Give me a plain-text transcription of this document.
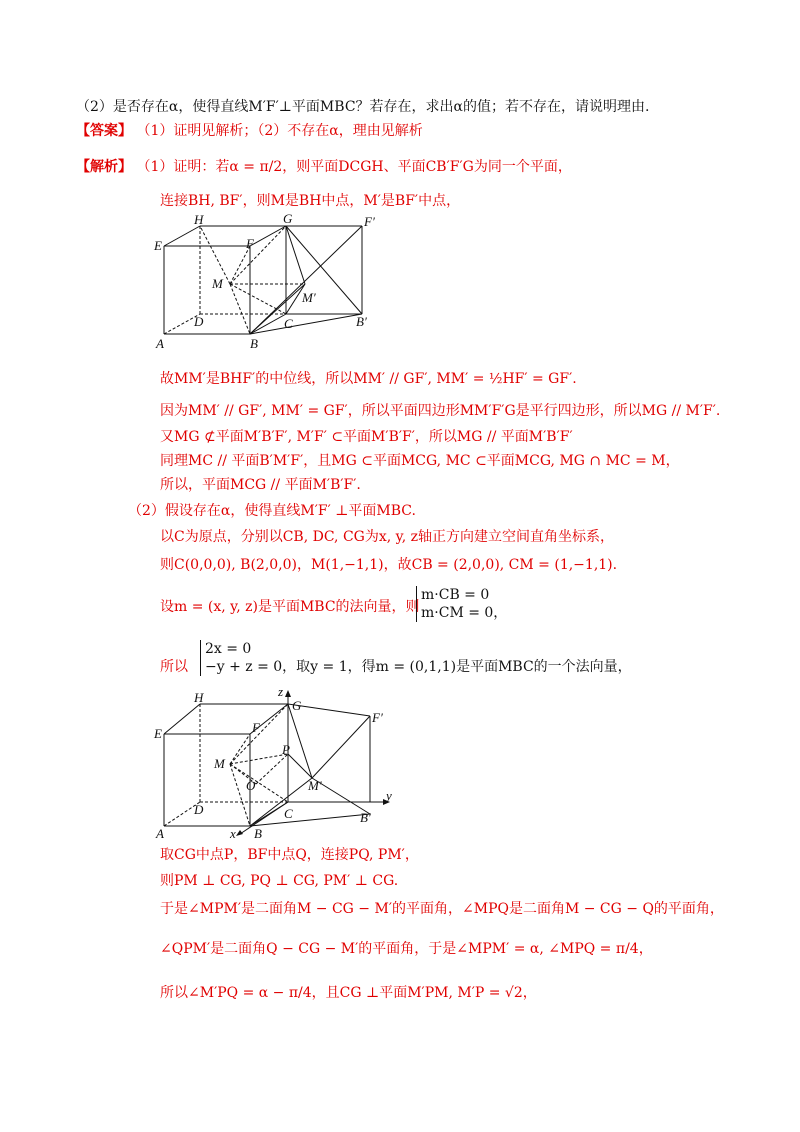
（2）是否存在α，使得直线M′F′⊥平面MBC？若存在，求出α的值；若不存在，请说明理由.
【答案】 （1）证明见解析；（2）不存在α，理由见解析
【解析】 （1）证明：若α = π/2，则平面DCGH、平面CB′F′G为同一个平面，
连接BH, BF′，则M是BH中点，M′是BF′中点，
H	G	F′
E	F
M
M′
D	C	B′
A	B
故MM′是BHF′的中位线，所以MM′ // GF′, MM′ = ½HF′ = GF′.
因为MM′ // GF′, MM′ = GF′，所以平面四边形MM′F′G是平行四边形，所以MG // M′F′.
又MG ⊄平面M′B′F′, M′F′ ⊂平面M′B′F′，所以MG // 平面M′B′F′
同理MC // 平面B′M′F′，且MG ⊂平面MCG, MC ⊂平面MCG, MG ∩ MC = M，
所以，平面MCG // 平面M′B′F′.
（2）假设存在α，使得直线M′F′ ⊥平面MBC.
以C为原点，分别以CB, DC, CG为x, y, z轴正方向建立空间直角坐标系，
则C(0,0,0), B(2,0,0)，M(1,−1,1)，故CB = (2,0,0), CM = (1,−1,1).
设m = (x, y, z)是平面MBC的法向量，则
m·CB = 0
m·CM = 0，
所以
2x = 0
−y + z = 0，取y = 1，得m = (0,1,1)是平面MBC的一个法向量，
z
H
G
F′
E	F
P
M
O	M′
D	C
y
B′
A	x B
取CG中点P，BF中点Q，连接PQ, PM′，
则PM ⊥ CG, PQ ⊥ CG, PM′ ⊥ CG.
于是∠MPM′是二面角M − CG − M′的平面角，∠MPQ是二面角M − CG − Q的平面角，
∠QPM′是二面角Q − CG − M′的平面角，于是∠MPM′ = α, ∠MPQ = π/4，
所以∠M′PQ = α − π/4，且CG ⊥平面M′PM, M′P = √2，
